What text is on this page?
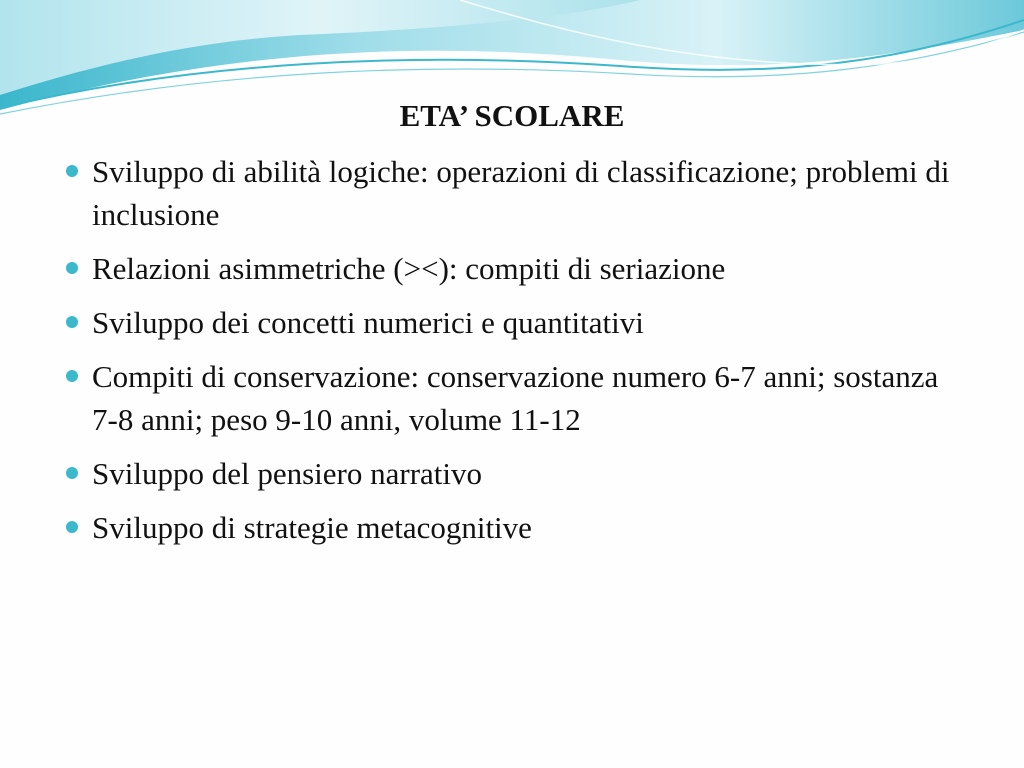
ETA’ SCOLARE
Sviluppo di abilità logiche: operazioni di classificazione; problemi di inclusione
Relazioni asimmetriche (><): compiti di seriazione
Sviluppo dei concetti numerici e quantitativi
Compiti di conservazione: conservazione numero 6-7 anni; sostanza 7-8 anni; peso 9-10 anni, volume 11-12
Sviluppo del pensiero narrativo
Sviluppo di strategie metacognitive
